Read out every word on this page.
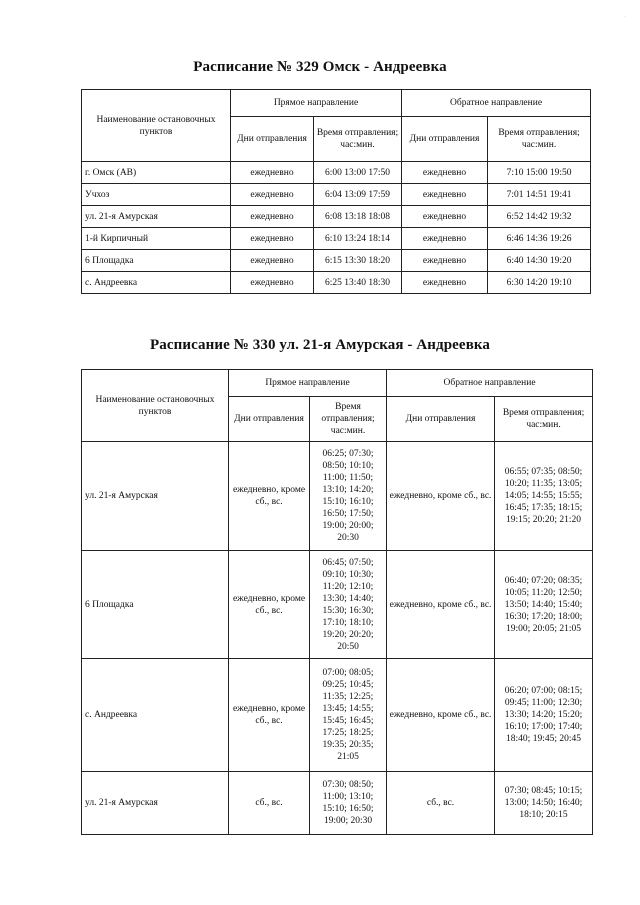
·
Расписание № 329 Омск - Андреевка
Наименование остановочных пунктов	Прямое направление		Обратное направление	
	Дни отправления	Время отправления; час:мин.	Дни отправления	Время отправления; час:мин.
г. Омск (АВ)	ежедневно	6:00 13:00 17:50	ежедневно	7:10 15:00 19:50
Учхоз	ежедневно	6:04 13:09 17:59	ежедневно	7:01 14:51 19:41
ул. 21-я Амурская	ежедневно	6:08 13:18 18:08	ежедневно	6:52 14:42 19:32
1-й Кирпичный	ежедневно	6:10 13:24 18:14	ежедневно	6:46 14:36 19:26
6 Площадка	ежедневно	6:15 13:30 18:20	ежедневно	6:40 14:30 19:20
с. Андреевка	ежедневно	6:25 13:40 18:30	ежедневно	6:30 14:20 19:10
Расписание № 330 ул. 21-я Амурская - Андреевка
Наименование остановочных пунктов	Прямое направление		Обратное направление	
	Дни отправления	Время отправления; час:мин.	Дни отправления	Время отправления; час:мин.
ул. 21-я Амурская	ежедневно, кроме сб., вс.	06:25; 07:30; 08:50; 10:10; 11:00; 11:50; 13:10; 14:20; 15:10; 16:10; 16:50; 17:50; 19:00; 20:00; 20:30	ежедневно, кроме сб., вс.	06:55; 07:35; 08:50; 10:20; 11:35; 13:05; 14:05; 14:55; 15:55; 16:45; 17:35; 18:15; 19:15; 20:20; 21:20
6 Площадка	ежедневно, кроме сб., вс.	06:45; 07:50; 09:10; 10:30; 11:20; 12:10; 13:30; 14:40; 15:30; 16:30; 17:10; 18:10; 19:20; 20:20; 20:50	ежедневно, кроме сб., вс.	06:40; 07:20; 08:35; 10:05; 11:20; 12:50; 13:50; 14:40; 15:40; 16:30; 17:20; 18:00; 19:00; 20:05; 21:05
с. Андреевка	ежедневно, кроме сб., вс.	07:00; 08:05; 09:25; 10:45; 11:35; 12:25; 13:45; 14:55; 15:45; 16:45; 17:25; 18:25; 19:35; 20:35; 21:05	ежедневно, кроме сб., вс.	06:20; 07:00; 08:15; 09:45; 11:00; 12:30; 13:30; 14:20; 15:20; 16:10; 17:00; 17:40; 18:40; 19:45; 20:45
ул. 21-я Амурская	сб., вс.	07:30; 08:50; 11:00; 13:10; 15:10; 16:50; 19:00; 20:30	сб., вс.	07:30; 08:45; 10:15; 13:00; 14:50; 16:40; 18:10; 20:15
